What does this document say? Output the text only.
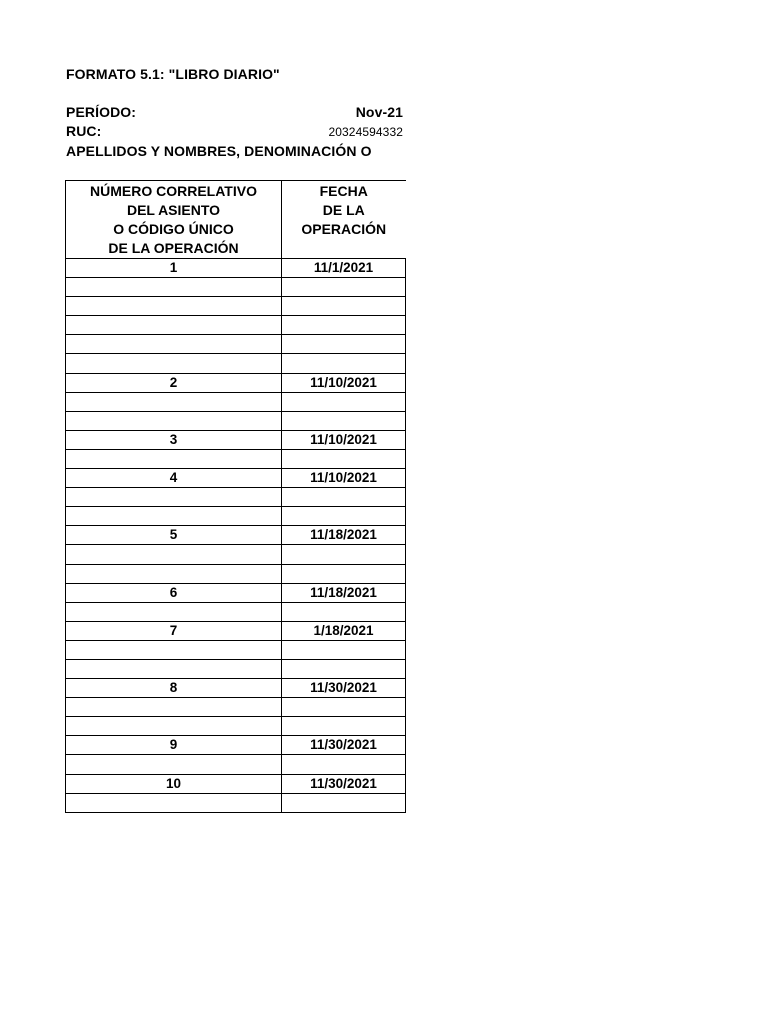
FORMATO 5.1: "LIBRO DIARIO"
PERÍODO:	Nov-21
RUC:	20324594332
APELLIDOS Y NOMBRES, DENOMINACIÓN O
NÚMERO CORRELATIVO
DEL ASIENTO
O CÓDIGO ÚNICO
DE LA OPERACIÓN	FECHA
DE LA
OPERACIÓN

1	11/1/2021

2	11/10/2021

3	11/10/2021

4	11/10/2021

5	11/18/2021

6	11/18/2021

7	1/18/2021

8	11/30/2021

9	11/30/2021

10	11/30/2021
